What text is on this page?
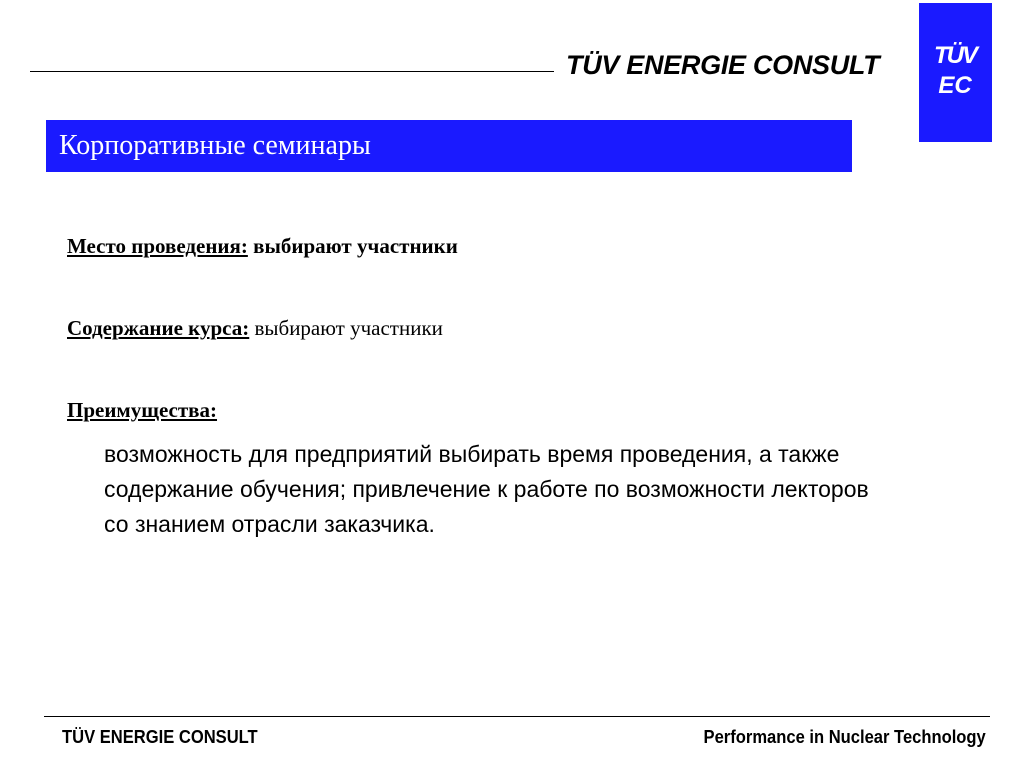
TÜV ENERGIE CONSULT TÜV
EC
Корпоративные семинары
Место проведения: выбирают участники
Содержание курса: выбирают участники
Преимущества:
возможность для предприятий выбирать время проведения, а также содержание обучения; привлечение к работе по возможности лекторов со знанием отрасли заказчика.
TÜV ENERGIE CONSULT	Performance in Nuclear Technology
